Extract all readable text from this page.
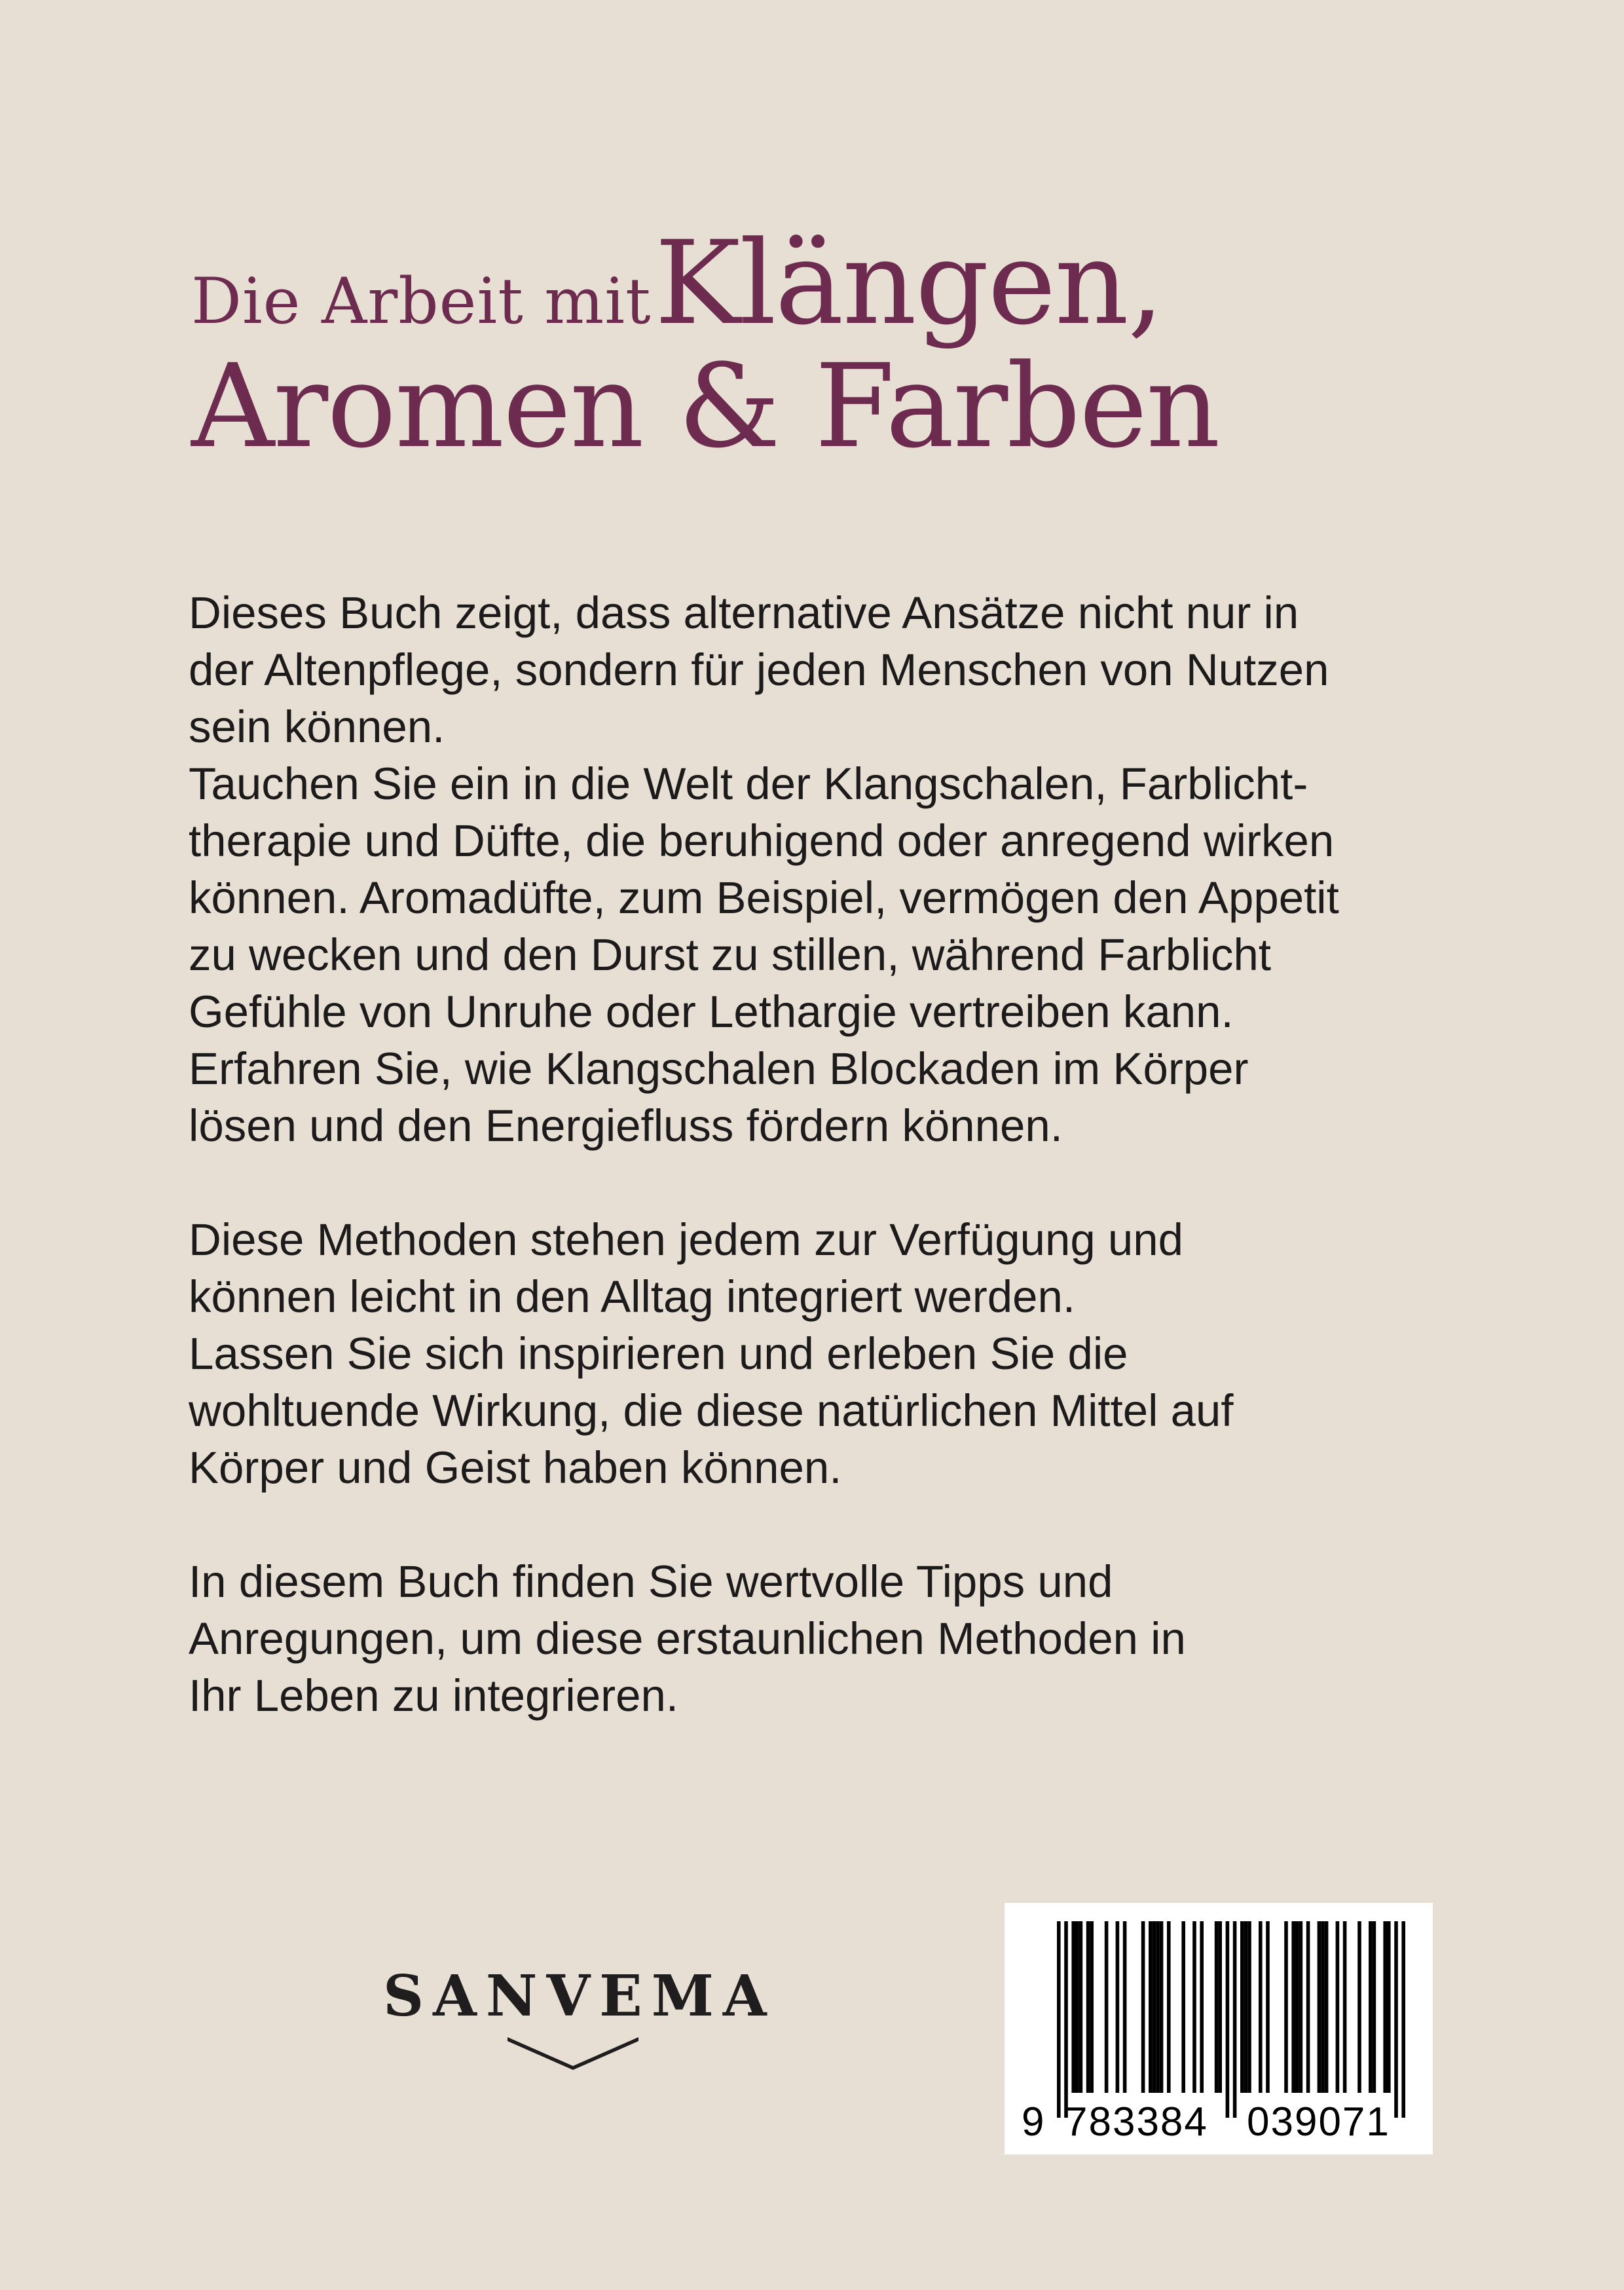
Die Arbeit mit Klängen,
Aromen & Farben

Dieses Buch zeigt, dass alternative Ansätze nicht nur in
der Altenpflege, sondern für jeden Menschen von Nutzen
sein können.
Tauchen Sie ein in die Welt der Klangschalen, Farblicht-
therapie und Düfte, die beruhigend oder anregend wirken
können. Aromadüfte, zum Beispiel, vermögen den Appetit
zu wecken und den Durst zu stillen, während Farblicht
Gefühle von Unruhe oder Lethargie vertreiben kann.
Erfahren Sie, wie Klangschalen Blockaden im Körper
lösen und den Energiefluss fördern können.

Diese Methoden stehen jedem zur Verfügung und
können leicht in den Alltag integriert werden.
Lassen Sie sich inspirieren und erleben Sie die
wohltuende Wirkung, die diese natürlichen Mittel auf
Körper und Geist haben können.

In diesem Buch finden Sie wertvolle Tipps und
Anregungen, um diese erstaunlichen Methoden in
Ihr Leben zu integrieren.

SANVEMA
9 783384 039071
